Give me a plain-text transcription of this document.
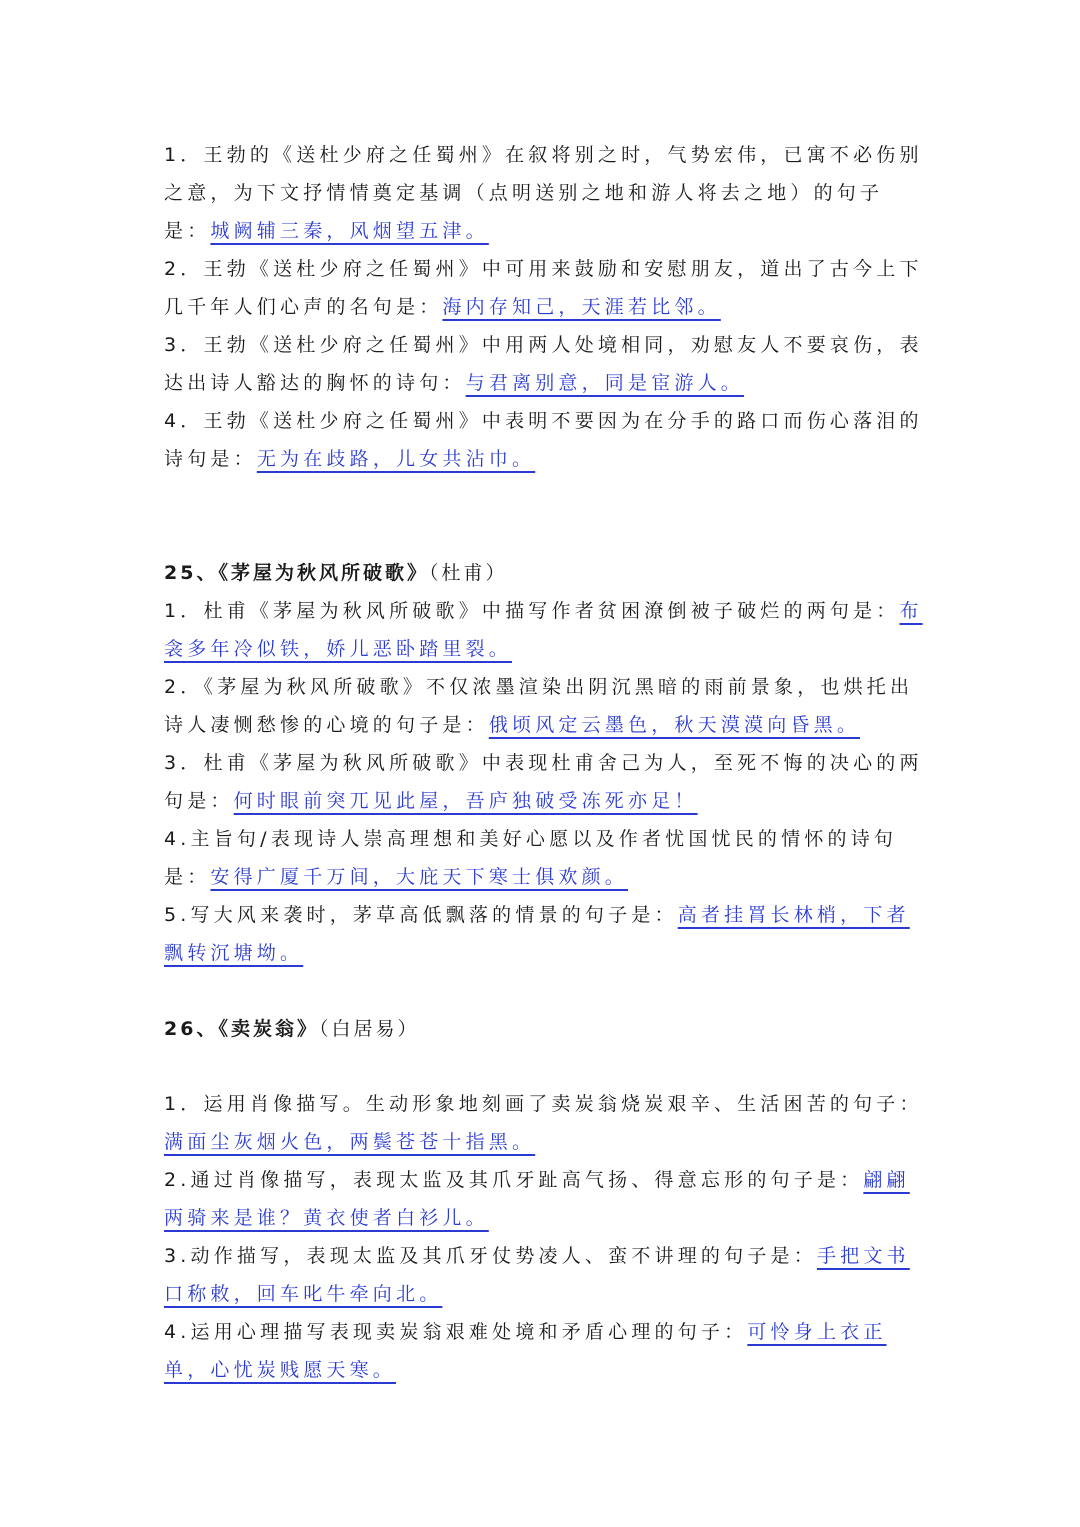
1．王勃的《送杜少府之任蜀州》在叙将别之时，气势宏伟，已寓不必伤别之意，为下文抒情情奠定基调（点明送别之地和游人将去之地）的句子是：城阙辅三秦，风烟望五津。

2．王勃《送杜少府之任蜀州》中可用来鼓励和安慰朋友，道出了古今上下几千年人们心声的名句是：海内存知己，天涯若比邻。

3．王勃《送杜少府之任蜀州》中用两人处境相同，劝慰友人不要哀伤，表达出诗人豁达的胸怀的诗句：与君离别意，同是宦游人。

4．王勃《送杜少府之任蜀州》中表明不要因为在分手的路口而伤心落泪的诗句是：无为在歧路，儿女共沾巾。

25、《茅屋为秋风所破歌》（杜甫）

1．杜甫《茅屋为秋风所破歌》中描写作者贫困潦倒被子破烂的两句是：布衾多年冷似铁，娇儿恶卧踏里裂。

2．《茅屋为秋风所破歌》不仅浓墨渲染出阴沉黑暗的雨前景象，也烘托出诗人凄恻愁惨的心境的句子是：俄顷风定云墨色，秋天漠漠向昏黑。

3．杜甫《茅屋为秋风所破歌》中表现杜甫舍己为人，至死不悔的决心的两句是：何时眼前突兀见此屋，吾庐独破受冻死亦足！

4.主旨句/表现诗人崇高理想和美好心愿以及作者忧国忧民的情怀的诗句是：安得广厦千万间，大庇天下寒士俱欢颜。

5.写大风来袭时，茅草高低飘落的情景的句子是：高者挂罥长林梢，下者飘转沉塘坳。

26、《卖炭翁》（白居易）

1．运用肖像描写。生动形象地刻画了卖炭翁烧炭艰辛、生活困苦的句子：满面尘灰烟火色，两鬓苍苍十指黑。

2.通过肖像描写，表现太监及其爪牙趾高气扬、得意忘形的句子是：翩翩两骑来是谁？黄衣使者白衫儿。

3.动作描写，表现太监及其爪牙仗势凌人、蛮不讲理的句子是：手把文书口称敕，回车叱牛牵向北。

4.运用心理描写表现卖炭翁艰难处境和矛盾心理的句子：可怜身上衣正单，心忧炭贱愿天寒。
